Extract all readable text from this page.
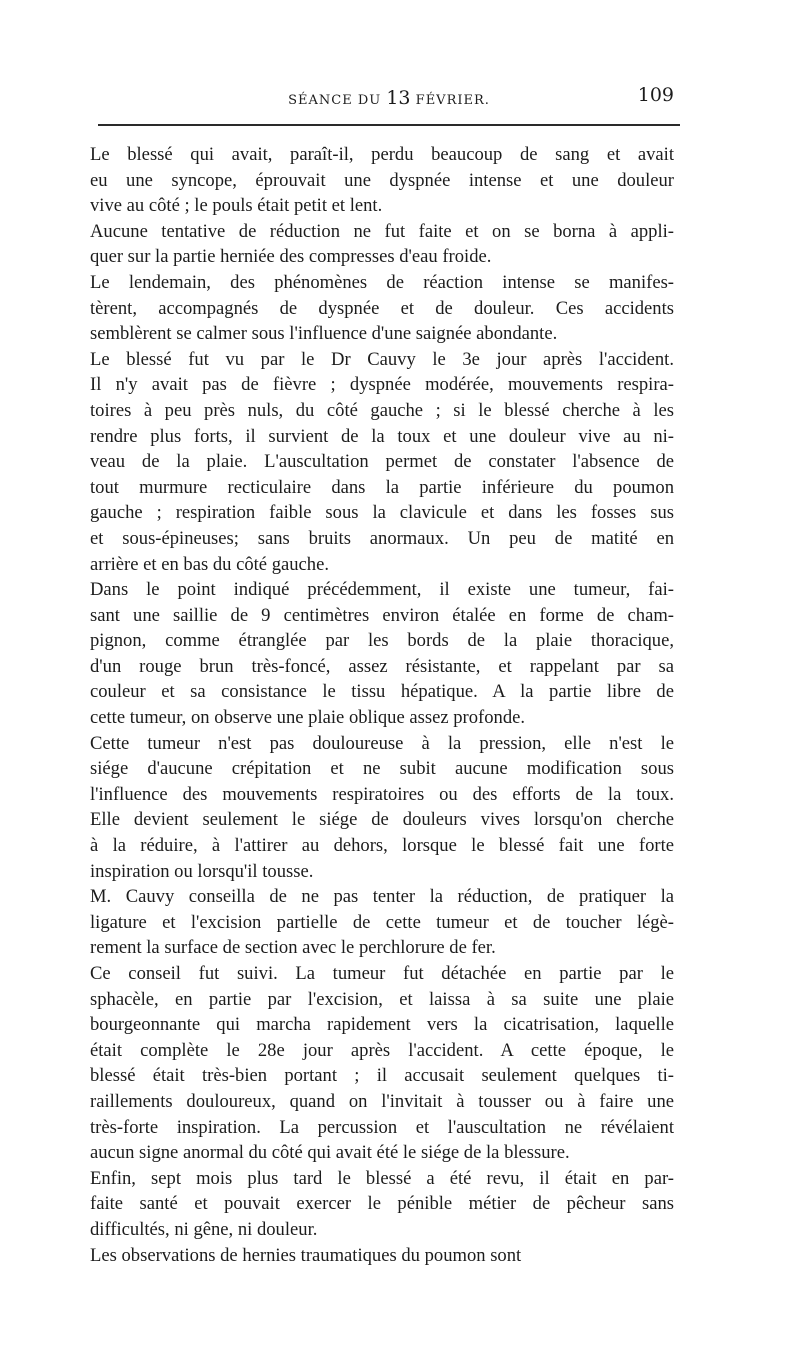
SÉANCE DU 13 FÉVRIER.	109

Le blessé qui avait, paraît-il, perdu beaucoup de sang et avait
eu une syncope, éprouvait une dyspnée intense et une douleur
vive au côté ; le pouls était petit et lent.

Aucune tentative de réduction ne fut faite et on se borna à appli-
quer sur la partie herniée des compresses d'eau froide.

Le lendemain, des phénomènes de réaction intense se manifes-
tèrent, accompagnés de dyspnée et de douleur. Ces accidents
semblèrent se calmer sous l'influence d'une saignée abondante.

Le blessé fut vu par le Dr Cauvy le 3e jour après l'accident.
Il n'y avait pas de fièvre ; dyspnée modérée, mouvements respira-
toires à peu près nuls, du côté gauche ; si le blessé cherche à les
rendre plus forts, il survient de la toux et une douleur vive au ni-
veau de la plaie. L'auscultation permet de constater l'absence de
tout murmure recticulaire dans la partie inférieure du poumon
gauche ; respiration faible sous la clavicule et dans les fosses sus
et sous-épineuses; sans bruits anormaux. Un peu de matité en
arrière et en bas du côté gauche.

Dans le point indiqué précédemment, il existe une tumeur, fai-
sant une saillie de 9 centimètres environ étalée en forme de cham-
pignon, comme étranglée par les bords de la plaie thoracique,
d'un rouge brun très-foncé, assez résistante, et rappelant par sa
couleur et sa consistance le tissu hépatique. A la partie libre de
cette tumeur, on observe une plaie oblique assez profonde.

Cette tumeur n'est pas douloureuse à la pression, elle n'est le
siége d'aucune crépitation et ne subit aucune modification sous
l'influence des mouvements respiratoires ou des efforts de la toux.
Elle devient seulement le siége de douleurs vives lorsqu'on cherche
à la réduire, à l'attirer au dehors, lorsque le blessé fait une forte
inspiration ou lorsqu'il tousse.

M. Cauvy conseilla de ne pas tenter la réduction, de pratiquer la
ligature et l'excision partielle de cette tumeur et de toucher légè-
rement la surface de section avec le perchlorure de fer.

Ce conseil fut suivi. La tumeur fut détachée en partie par le
sphacèle, en partie par l'excision, et laissa à sa suite une plaie
bourgeonnante qui marcha rapidement vers la cicatrisation, laquelle
était complète le 28e jour après l'accident. A cette époque, le
blessé était très-bien portant ; il accusait seulement quelques ti-
raillements douloureux, quand on l'invitait à tousser ou à faire une
très-forte inspiration. La percussion et l'auscultation ne révélaient
aucun signe anormal du côté qui avait été le siége de la blessure.

Enfin, sept mois plus tard le blessé a été revu, il était en par-
faite santé et pouvait exercer le pénible métier de pêcheur sans
difficultés, ni gêne, ni douleur.

Les observations de hernies traumatiques du poumon sont
